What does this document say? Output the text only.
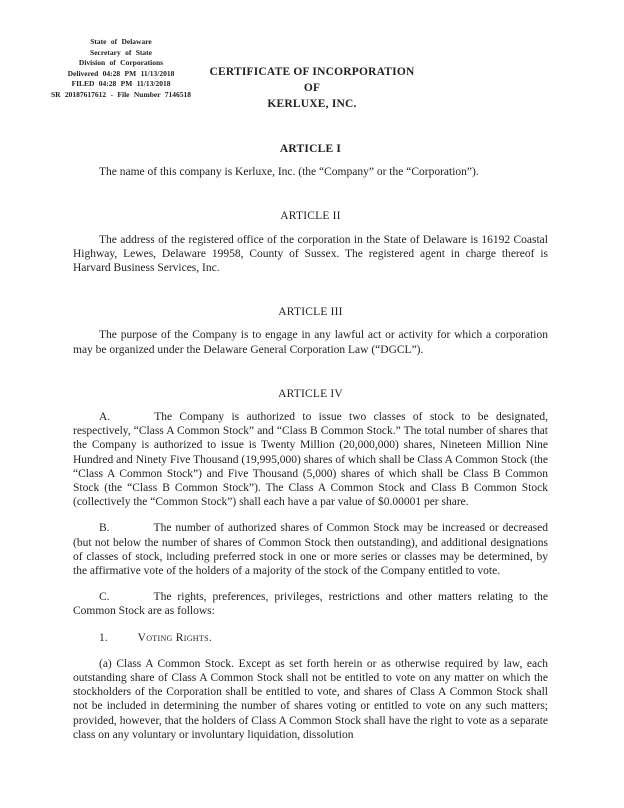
State of Delaware
Secretary of State
Division of Corporations
Delivered 04:28 PM 11/13/2018
FILED 04:28 PM 11/13/2018
SR 20187617612 - File Number 7146518
CERTIFICATE OF INCORPORATION
OF
KERLUXE, INC.
ARTICLE I

The name of this company is Kerluxe, Inc. (the “Company” or the “Corporation”).

ARTICLE II

The address of the registered office of the corporation in the State of Delaware is 16192 Coastal Highway, Lewes, Delaware 19958, County of Sussex. The registered agent in charge thereof is Harvard Business Services, Inc.

ARTICLE III

The purpose of the Company is to engage in any lawful act or activity for which a corporation may be organized under the Delaware General Corporation Law (“DGCL”).

ARTICLE IV

A.	The Company is authorized to issue two classes of stock to be designated, respectively, “Class A Common Stock” and “Class B Common Stock.” The total number of shares that the Company is authorized to issue is Twenty Million (20,000,000) shares, Nineteen Million Nine Hundred and Ninety Five Thousand (19,995,000) shares of which shall be Class A Common Stock (the “Class A Common Stock”) and Five Thousand (5,000) shares of which shall be Class B Common Stock (the “Class B Common Stock”). The Class A Common Stock and Class B Common Stock (collectively the “Common Stock”) shall each have a par value of $0.00001 per share.

B.	The number of authorized shares of Common Stock may be increased or decreased (but not below the number of shares of Common Stock then outstanding), and additional designations of classes of stock, including preferred stock in one or more series or classes may be determined, by the affirmative vote of the holders of a majority of the stock of the Company entitled to vote.

C.	The rights, preferences, privileges, restrictions and other matters relating to the Common Stock are as follows:

1.	Voting Rights.

(a) Class A Common Stock. Except as set forth herein or as otherwise required by law, each outstanding share of Class A Common Stock shall not be entitled to vote on any matter on which the stockholders of the Corporation shall be entitled to vote, and shares of Class A Common Stock shall not be included in determining the number of shares voting or entitled to vote on any such matters; provided, however, that the holders of Class A Common Stock shall have the right to vote as a separate class on any voluntary or involuntary liquidation, dissolution
